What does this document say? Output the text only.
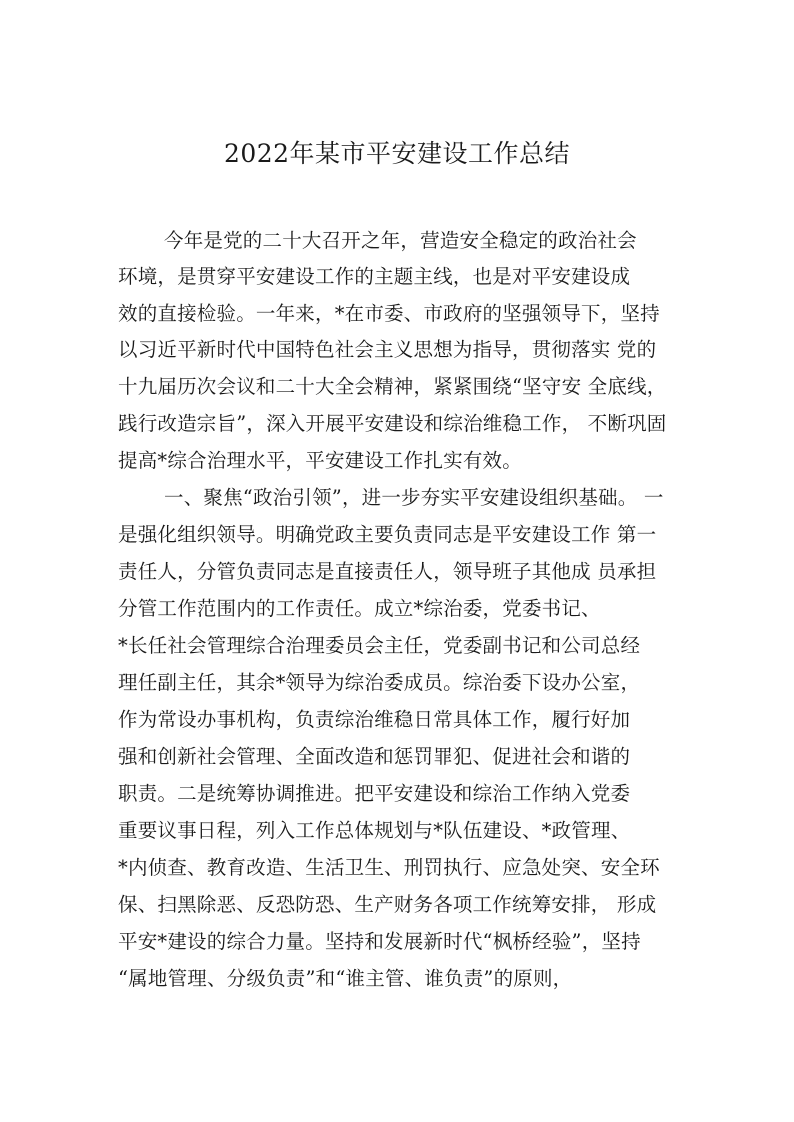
2022年某市平安建设工作总结
今年是党的二十大召开之年，营造安全稳定的政治社会
环境，是贯穿平安建设工作的主题主线，也是对平安建设成
效的直接检验。一年来，*在市委、市政府的坚强领导下，坚持
以习近平新时代中国特色社会主义思想为指导，贯彻落实 党的
十九届历次会议和二十大全会精神，紧紧围绕“坚守安 全底线，
践行改造宗旨”，深入开展平安建设和综治维稳工作， 不断巩固
提高*综合治理水平，平安建设工作扎实有效。
一、聚焦“政治引领”，进一步夯实平安建设组织基础。 一
是强化组织领导。明确党政主要负责同志是平安建设工作 第一
责任人，分管负责同志是直接责任人，领导班子其他成 员承担
分管工作范围内的工作责任。成立*综治委，党委书记、
*长任社会管理综合治理委员会主任，党委副书记和公司总经
理任副主任，其余*领导为综治委成员。综治委下设办公室，
作为常设办事机构，负责综治维稳日常具体工作，履行好加
强和创新社会管理、全面改造和惩罚罪犯、促进社会和谐的
职责。二是统筹协调推进。把平安建设和综治工作纳入党委
重要议事日程，列入工作总体规划与*队伍建设、*政管理、
*内侦查、教育改造、生活卫生、刑罚执行、应急处突、安全环
保、扫黑除恶、反恐防恐、生产财务各项工作统筹安排， 形成
平安*建设的综合力量。坚持和发展新时代“枫桥经验”，坚持
“属地管理、分级负责”和“谁主管、谁负责”的原则，
